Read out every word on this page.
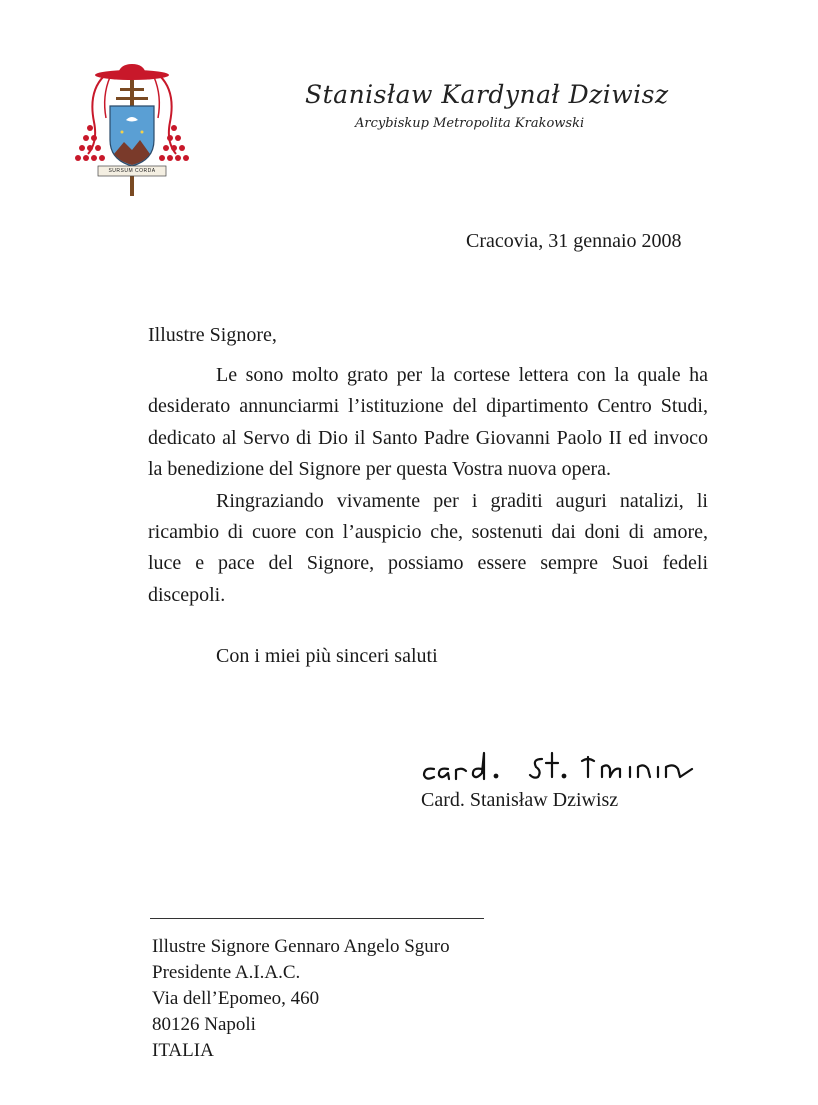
SURSUM CORDA
Stanisław Kardynał Dziwisz
Arcybiskup Metropolita Krakowski
Cracovia, 31 gennaio 2008
Illustre Signore,

Le sono molto grato per la cortese lettera con la quale ha desiderato annunciarmi l’istituzione del dipartimento Centro Studi, dedicato al Servo di Dio il Santo Padre Giovanni Paolo II ed invoco la benedizione del Signore per questa Vostra nuova opera.

Ringraziando vivamente per i graditi auguri natalizi, li ricambio di cuore con l’auspicio che, sostenuti dai doni di amore, luce e pace del Signore, possiamo essere sempre Suoi fedeli discepoli.

Con i miei più sinceri saluti
Card. Stanisław Dziwisz
Illustre Signore Gennaro Angelo Sguro
Presidente A.I.A.C.
Via dell’Epomeo, 460
80126 Napoli
ITALIA
